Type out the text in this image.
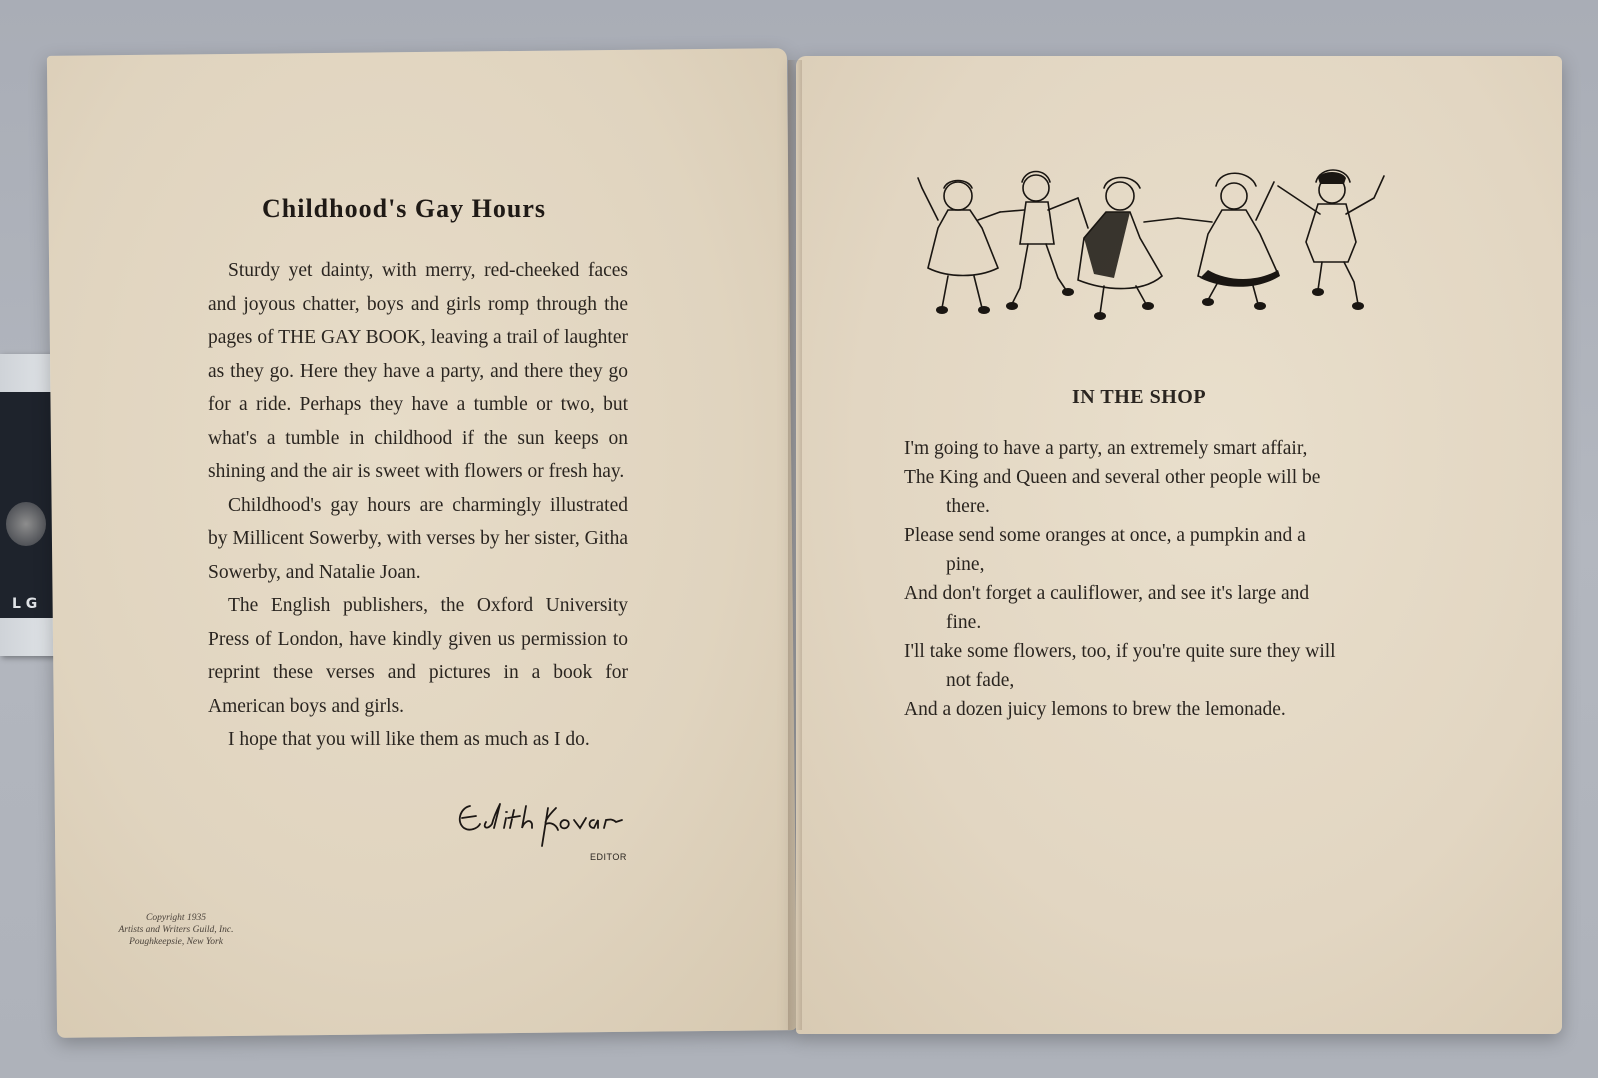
L G
Childhood's Gay Hours

Sturdy yet dainty, with merry, red-cheeked faces and joyous chatter, boys and girls romp through the pages of THE GAY BOOK, leaving a trail of laughter as they go. Here they have a party, and there they go for a ride. Perhaps they have a tumble or two, but what's a tumble in childhood if the sun keeps on shining and the air is sweet with flowers or fresh hay.

Childhood's gay hours are charmingly illustrated by Millicent Sowerby, with verses by her sister, Githa Sowerby, and Natalie Joan.

The English publishers, the Oxford University Press of London, have kindly given us permission to reprint these verses and pictures in a book for American boys and girls.

I hope that you will like them as much as I do.

EDITOR
Copyright 1935
Artists and Writers Guild, Inc.
Poughkeepsie, New York
IN THE SHOP
I'm going to have a party, an extremely smart affair,
The King and Queen and several other people will be
there.
Please send some oranges at once, a pumpkin and a
pine,
And don't forget a cauliflower, and see it's large and
fine.
I'll take some flowers, too, if you're quite sure they will
not fade,
And a dozen juicy lemons to brew the lemonade.
